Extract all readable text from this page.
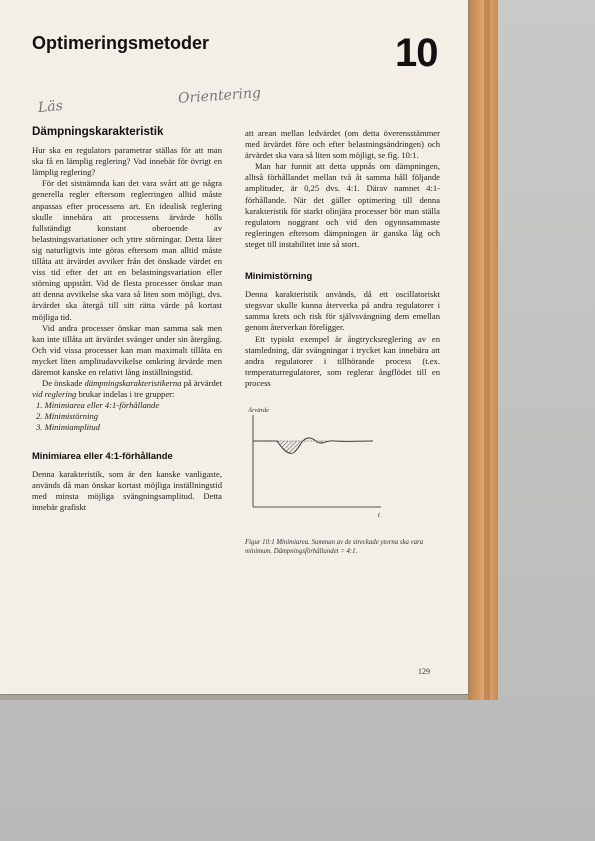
Optimeringsmetoder	10
Läs
Orientering
Dämpningskarakteristik

Hur ska en regulators parametrar ställas för att man ska få en lämplig reglering? Vad innebär för övrigt en lämplig reglering?

För det sistnämnda kan det vara svårt att ge några generella regler eftersom reglerringen alltid måste anpassas efter processens art. En idealisk reglering skulle innebära att processens ärvärde hölls fullständigt konstant oberoende av belastningsvariationer och yttre störningar. Detta låter sig naturligtvis inte göras eftersom man alltid måste tillåta att ärvärdet avviker från det önskade värdet en viss tid efter det att en belastningsvariation eller störning uppstått. Vid de flesta processer önskar man att denna avvikelse ska vara så liten som möjligt, dvs. ärvärdet ska återgå till sitt rätta värde på kortast möjliga tid.

Vid andra processer önskar man samma sak men kan inte tillåta att ärvärdet svänger under sin återgång. Och vid vissa processer kan man maximalt tillåta en mycket liten amplitudavvikelse omkring ärvärde men däremot kanske en relativt lång inställningstid.

De önskade dämpningskarakteristikerna på ärvärdet vid reglering brukar indelas i tre grupper:

1. Minimiarea eller 4:1-förhållande
2. Minimistörning
3. Minimiamplitud
Minimiarea eller 4:1-förhållande

Denna karakteristik, som är den kanske vanligaste, används då man önskar kortast möjliga inställningstid med minsta möjliga svängningsamplitud. Detta innebär grafiskt

att arean mellan ledvärdet (om detta överensstämmer med ärvärdet före och efter belastningsändringen) och ärvärdet ska vara så liten som möjligt, se fig. 10:1.

Man har funnit att detta uppnås om dämpningen, alltså förhållandet mellan två åt samma håll följande amplituder, är 0,25 dvs. 4:1. Därav namnet 4:1-förhållande. När det gäller optimering till denna karakteristik för starkt olinjära processer bör man ställa regulatorn noggrant och vid den ogynnsammaste regleringen eftersom dämpningen är ganska låg och steget till instabilitet inte så stort.

Minimistörning

Denna karakteristik används, då ett oscillatoriskt stegsvar skulle kunna återverka på andra regulatorer i samma krets och risk för självsvängning dem emellan genom återverkan föreligger.

Ett typiskt exempel är ångtrycksreglering av en stamledning, där svängningar i trycket kan innebära att andra regulatorer i tillhörande process (t.ex. temperaturregulatorer, som reglerar ångflödet till en process

Ärvärde
t
Figur 10:1 Minimiarea. Summan av de streckade ytorna ska vara minimum. Dämpningsförhållandet = 4:1.
129
